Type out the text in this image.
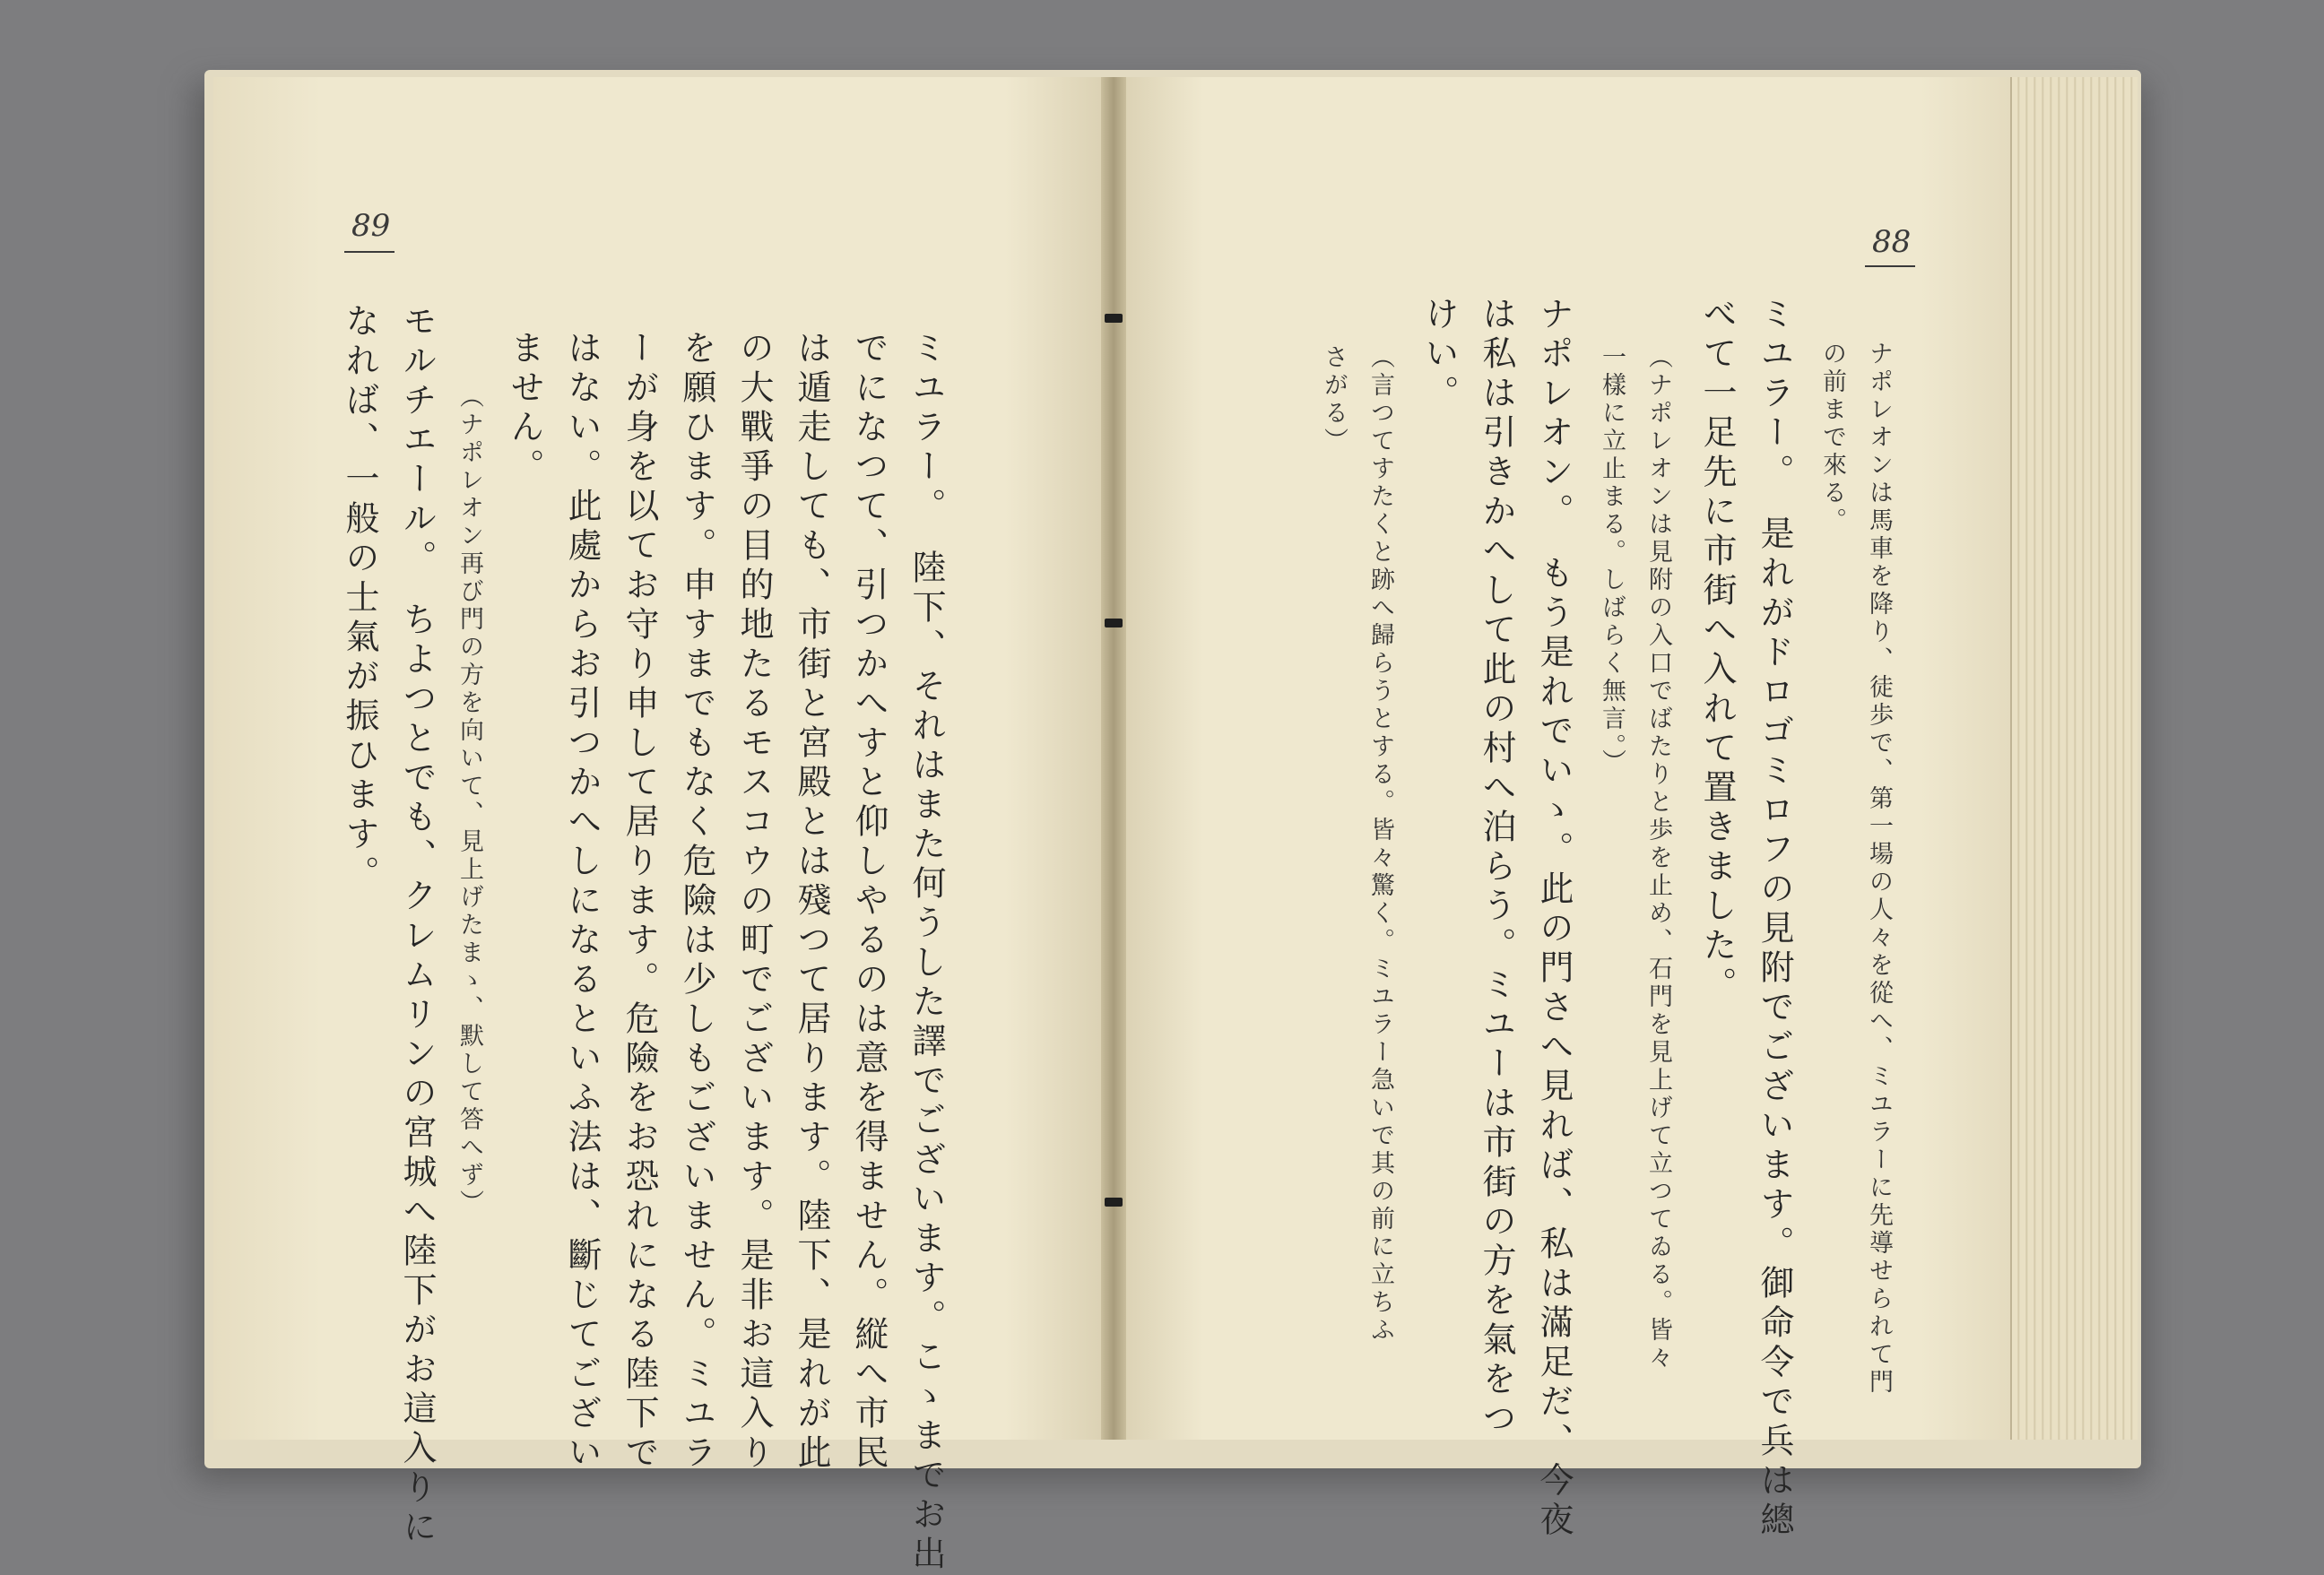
89	88
ミユラー。　陸下、それはまた何うした譯でございます。こゝまでお出
でになつて、引つかへすと仰しやるのは意を得ません。縦へ市民
は遁走しても、市街と宮殿とは殘つて居ります。陸下、是れが此
の大戰爭の目的地たるモスコウの町でございます。是非お這入り
を願ひます。申すまでもなく危險は少しもございません。ミユラ
ーが身を以てお守り申して居ります。危險をお恐れになる陸下で
はない。此處からお引つかへしになるといふ法は、斷じてござい
ません。
（ナポレオン再び門の方を向いて、見上げたまゝ、默して答へず）
モルチエール。　ちよつとでも、クレムリンの宮城へ陸下がお這入りに
なれば、一般の士氣が振ひます。	ナポレオンは馬車を降り、徒歩で、第一場の人々を從へ、ミユラーに先導せられて門
の前まで來る。
ミユラー。　是れがドロゴミロフの見附でございます。御命令で兵は總
べて一足先に市街へ入れて置きました。
（ナポレオンは見附の入口でばたりと歩を止め、石門を見上げて立つてゐる。皆々
一樣に立止まる。しばらく無言。）
ナポレオン。　もう是れでいゝ。此の門さへ見れば、私は滿足だ、今夜
は私は引きかへして此の村へ泊らう。ミユーは市街の方を氣をつ
けい。
（言つてすたくと跡へ歸らうとする。皆々驚く。ミユラー急いで其の前に立ちふ
さがる）
